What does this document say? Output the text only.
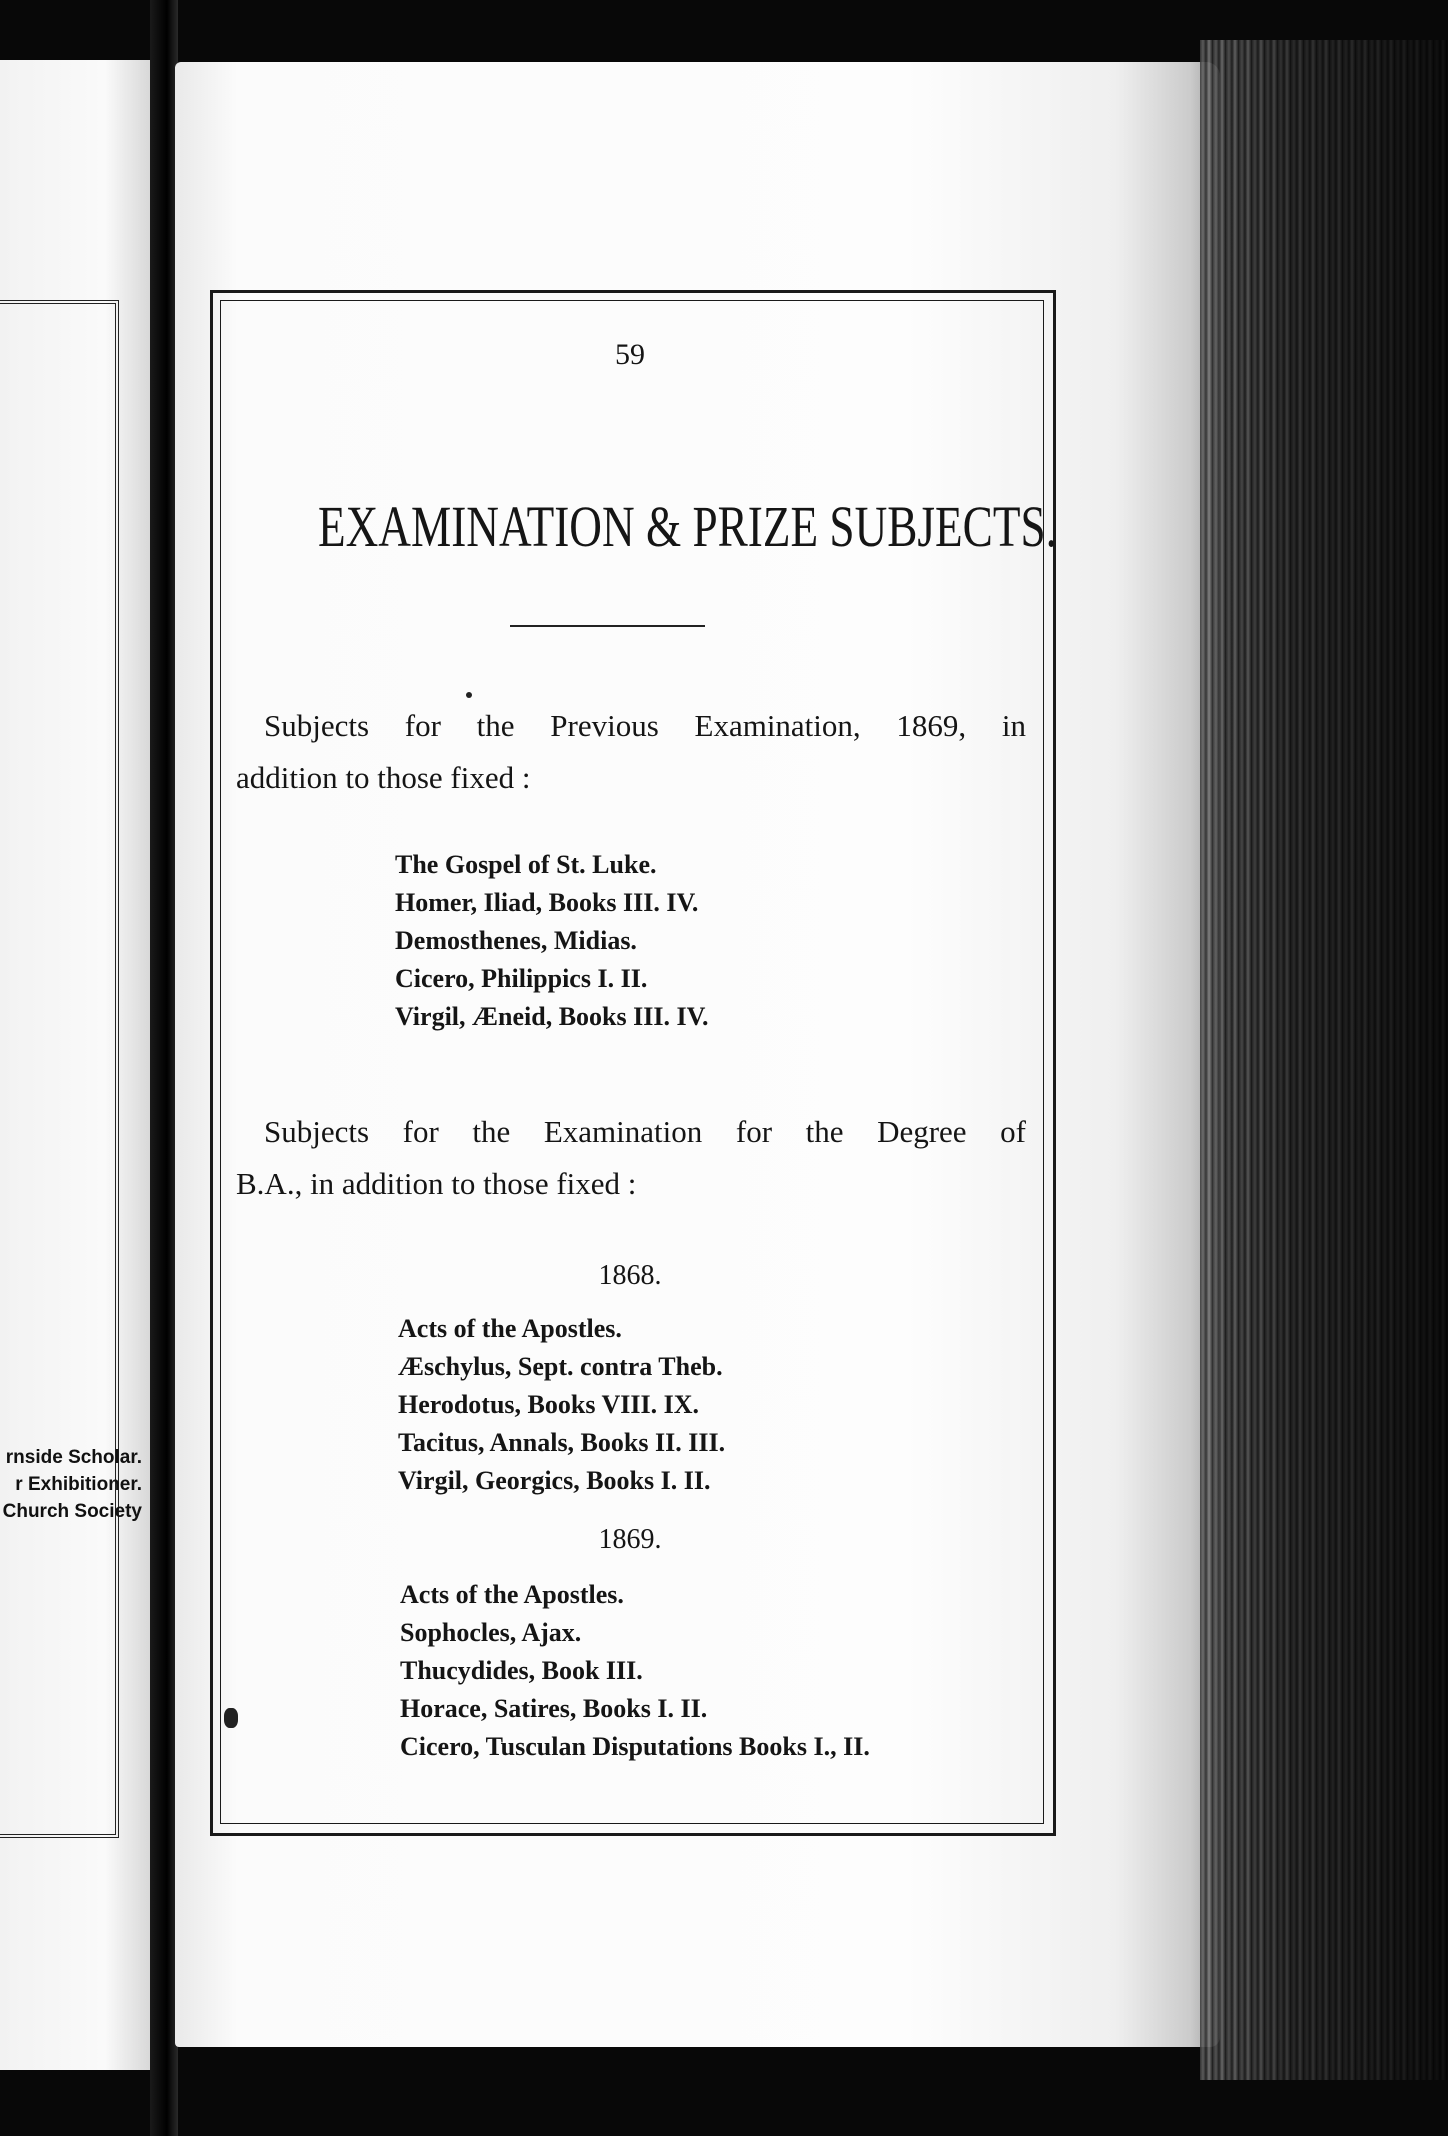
rnside Scholar.
r Exhibitioner.
Church Society
59
EXAMINATION & PRIZE SUBJECTS.
Subjects for the Previous Examination, 1869, in
addition to those fixed :
The Gospel of St. Luke.
Homer, Iliad, Books III. IV.
Demosthenes, Midias.
Cicero, Philippics I. II.
Virgil, Æneid, Books III. IV.
Subjects for the Examination for the Degree of
B.A., in addition to those fixed :
1868.
Acts of the Apostles.
Æschylus, Sept. contra Theb.
Herodotus, Books VIII. IX.
Tacitus, Annals, Books II. III.
Virgil, Georgics, Books I. II.
1869.
Acts of the Apostles.
Sophocles, Ajax.
Thucydides, Book III.
Horace, Satires, Books I. II.
Cicero, Tusculan Disputations Books I., II.
